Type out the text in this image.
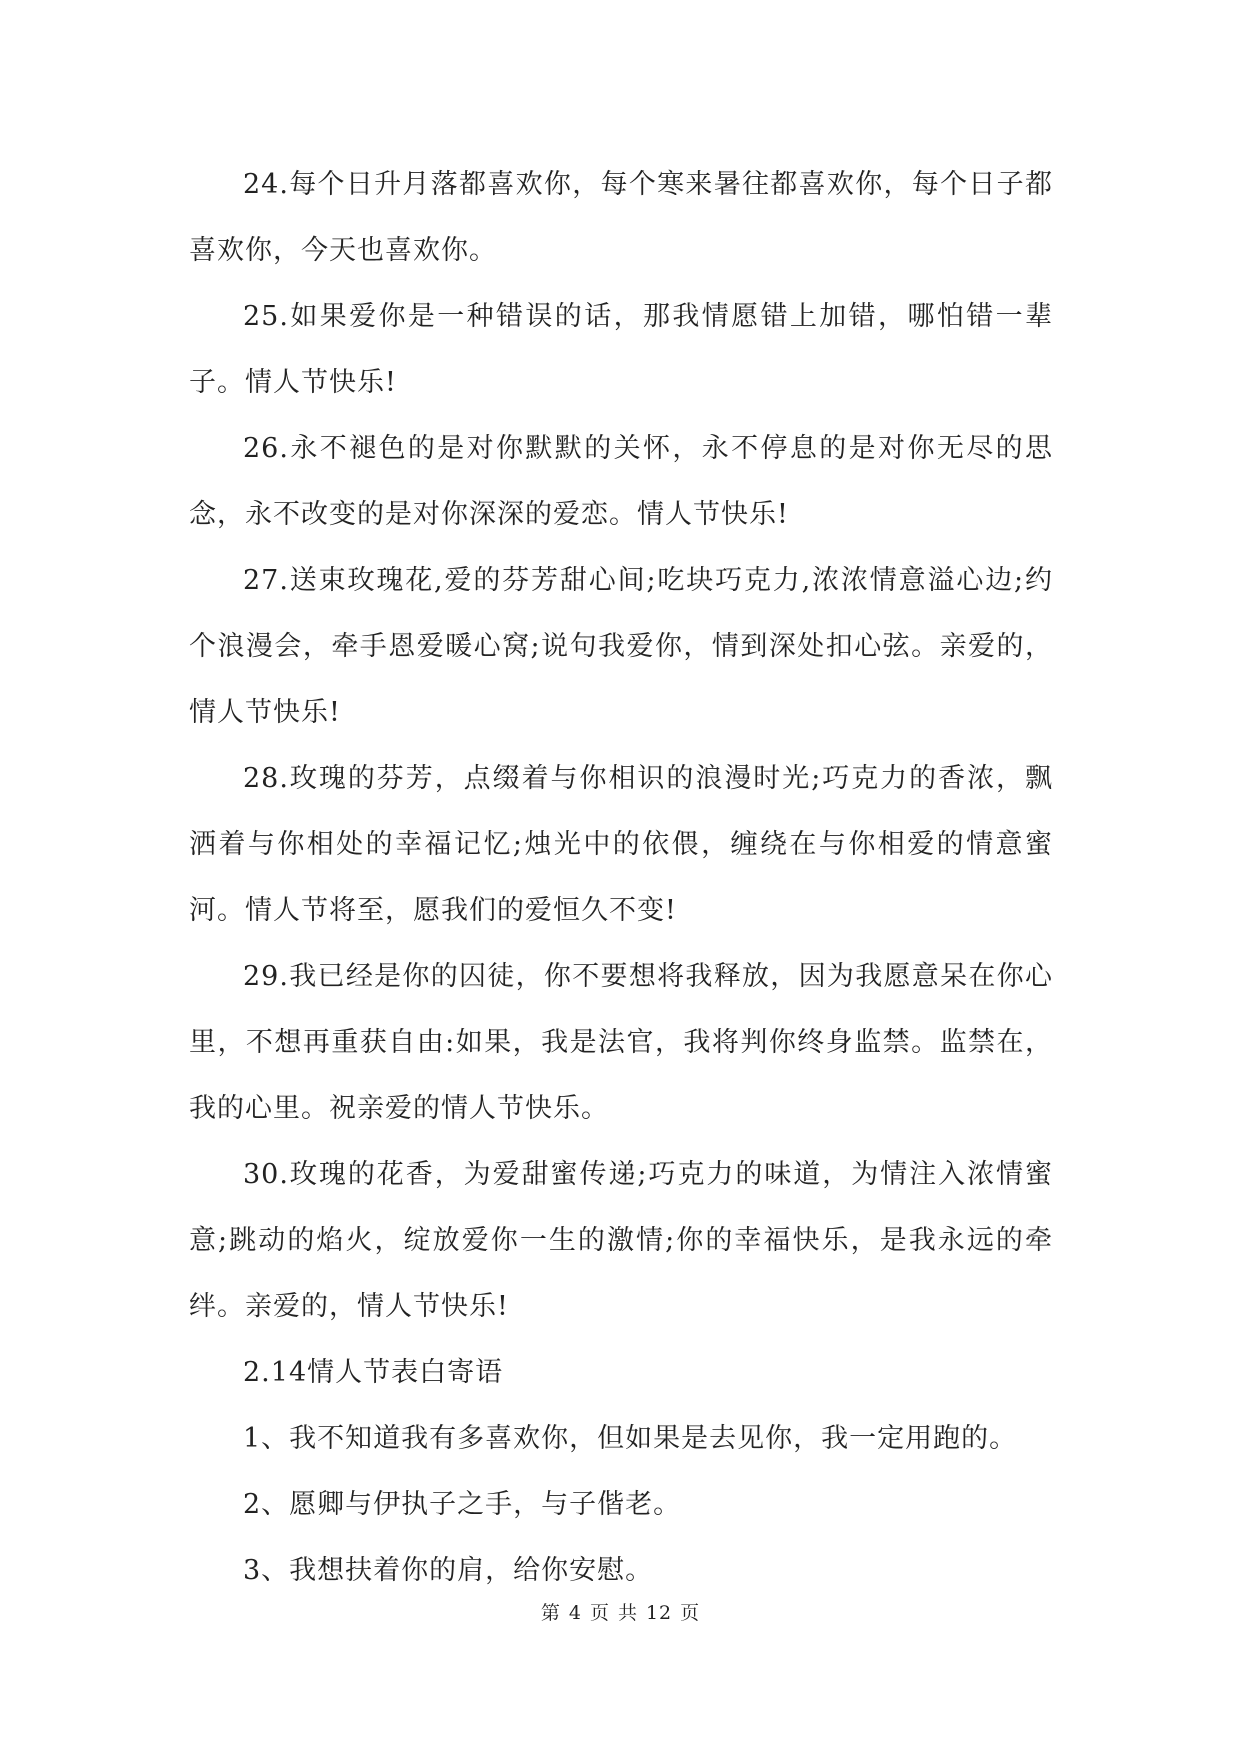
24.每个日升月落都喜欢你，每个寒来暑往都喜欢你，每个日子都喜欢你，今天也喜欢你。

25.如果爱你是一种错误的话，那我情愿错上加错，哪怕错一辈子。情人节快乐!

26.永不褪色的是对你默默的关怀，永不停息的是对你无尽的思念，永不改变的是对你深深的爱恋。情人节快乐!

27.送束玫瑰花,爱的芬芳甜心间;吃块巧克力,浓浓情意溢心边;约个浪漫会，牵手恩爱暖心窝;说句我爱你，情到深处扣心弦。亲爱的，情人节快乐!

28.玫瑰的芬芳，点缀着与你相识的浪漫时光;巧克力的香浓，飘洒着与你相处的幸福记忆;烛光中的依偎，缠绕在与你相爱的情意蜜河。情人节将至，愿我们的爱恒久不变!

29.我已经是你的囚徒，你不要想将我释放，因为我愿意呆在你心里，不想再重获自由:如果，我是法官，我将判你终身监禁。监禁在，我的心里。祝亲爱的情人节快乐。

30.玫瑰的花香，为爱甜蜜传递;巧克力的味道，为情注入浓情蜜意;跳动的焰火，绽放爱你一生的激情;你的幸福快乐，是我永远的牵绊。亲爱的，情人节快乐!

2.14情人节表白寄语

1、我不知道我有多喜欢你，但如果是去见你，我一定用跑的。

2、愿卿与伊执子之手，与子偕老。

3、我想扶着你的肩，给你安慰。

第 4 页 共 12 页
